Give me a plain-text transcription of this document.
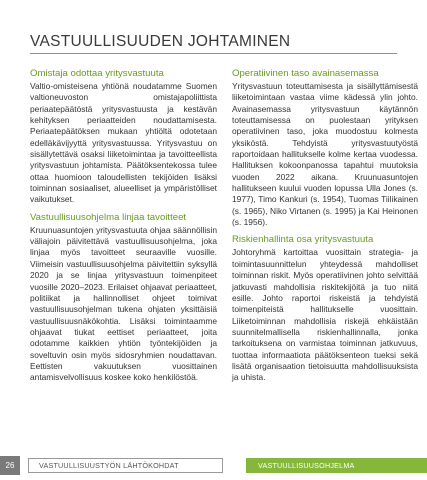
VASTUULLISUUDEN JOHTAMINEN
Omistaja odottaa yritysvastuuta

Valtio-omisteisena yhtiönä noudatamme Suomen valtioneuvoston omistajapoliittista periaatepäätöstä yritysvastuusta ja kestävän kehityksen periaatteiden noudattamisesta. Periaatepäätöksen mukaan yhtiöltä odotetaan edelläkävijyyttä yritysvastuussa. Yritysvastuu on sisällytettävä osaksi liiketoimintaa ja tavoitteellista yritysvastuun johtamista. Päätöksentekossa tulee ottaa huomioon taloudellisten tekijöiden lisäksi toiminnan sosiaaliset, alueelliset ja ympäristölliset vaikutukset.

Vastuullisuusohjelma linjaa tavoitteet

Kruunuasuntojen yritysvastuuta ohjaa säännöllisin väliajoin päivitettävä vastuullisuusohjelma, joka linjaa myös tavoitteet seuraaville vuosille. Viimeisin vastuullisuusohjelma päivitettiin syksyllä 2020 ja se linjaa yritysvastuun toimenpiteet vuosille 2020–2023. Erilaiset ohjaavat periaatteet, politiikat ja hallinnolliset ohjeet toimivat vastuullisuusohjelman tukena ohjaten yksittäisiä vastuullisuusnäkökohtia. Lisäksi toimintaamme ohjaavat tiukat eettiset periaatteet, joita odotamme kaikkien yhtiön työntekijöiden ja soveltuvin osin myös sidosryhmien noudattavan. Eettisten vakuutuksen vuosittainen antamisvelvollisuus koskee koko henkilöstöä.

Operatiivinen taso avainasemassa

Yritysvastuun toteuttamisesta ja sisällyttämisestä liiketoimintaan vastaa viime kädessä ylin johto. Avainasemassa yritysvastuun käytännön toteuttamisessa on puolestaan yrityksen operatiivinen taso, joka muodostuu kolmesta yksiköstä. Tehdyistä yritysvastuutyöstä raportoidaan hallitukselle kolme kertaa vuodessa. Hallituksen kokoonpanossa tapahtui muutoksia vuoden 2022 aikana. Kruunuasuntojen hallitukseen kuului vuoden lopussa Ulla Jones (s. 1977), Timo Kankuri (s. 1954), Tuomas Tiilikainen (s. 1965), Niko Virtanen (s. 1995) ja Kai Heinonen (s. 1956).

Riskienhallinta osa yritysvastuuta

Johtoryhmä kartoittaa vuosittain strategia- ja toimintasuunnittelun yhteydessä mahdolliset toiminnan riskit. Myös operatiivinen johto selvittää jatkuvasti mahdollisia riskitekijöitä ja tuo niitä esille. Johto raportoi riskeistä ja tehdyistä toimenpiteistä hallitukselle vuosittain. Liiketoiminnan mahdollisia riskejä ehkäistään suunnitelmallisella riskienhallinnalla, jonka tarkoituksena on varmistaa toiminnan jatkuvuus, tuottaa informaatiota päätöksenteon tueksi sekä lisätä organisaation tietoisuutta mahdollisuuksista ja uhista.

26	VASTUULLISUUSTYÖN LÄHTÖKOHDAT	VASTUULLISUUSOHJELMA
